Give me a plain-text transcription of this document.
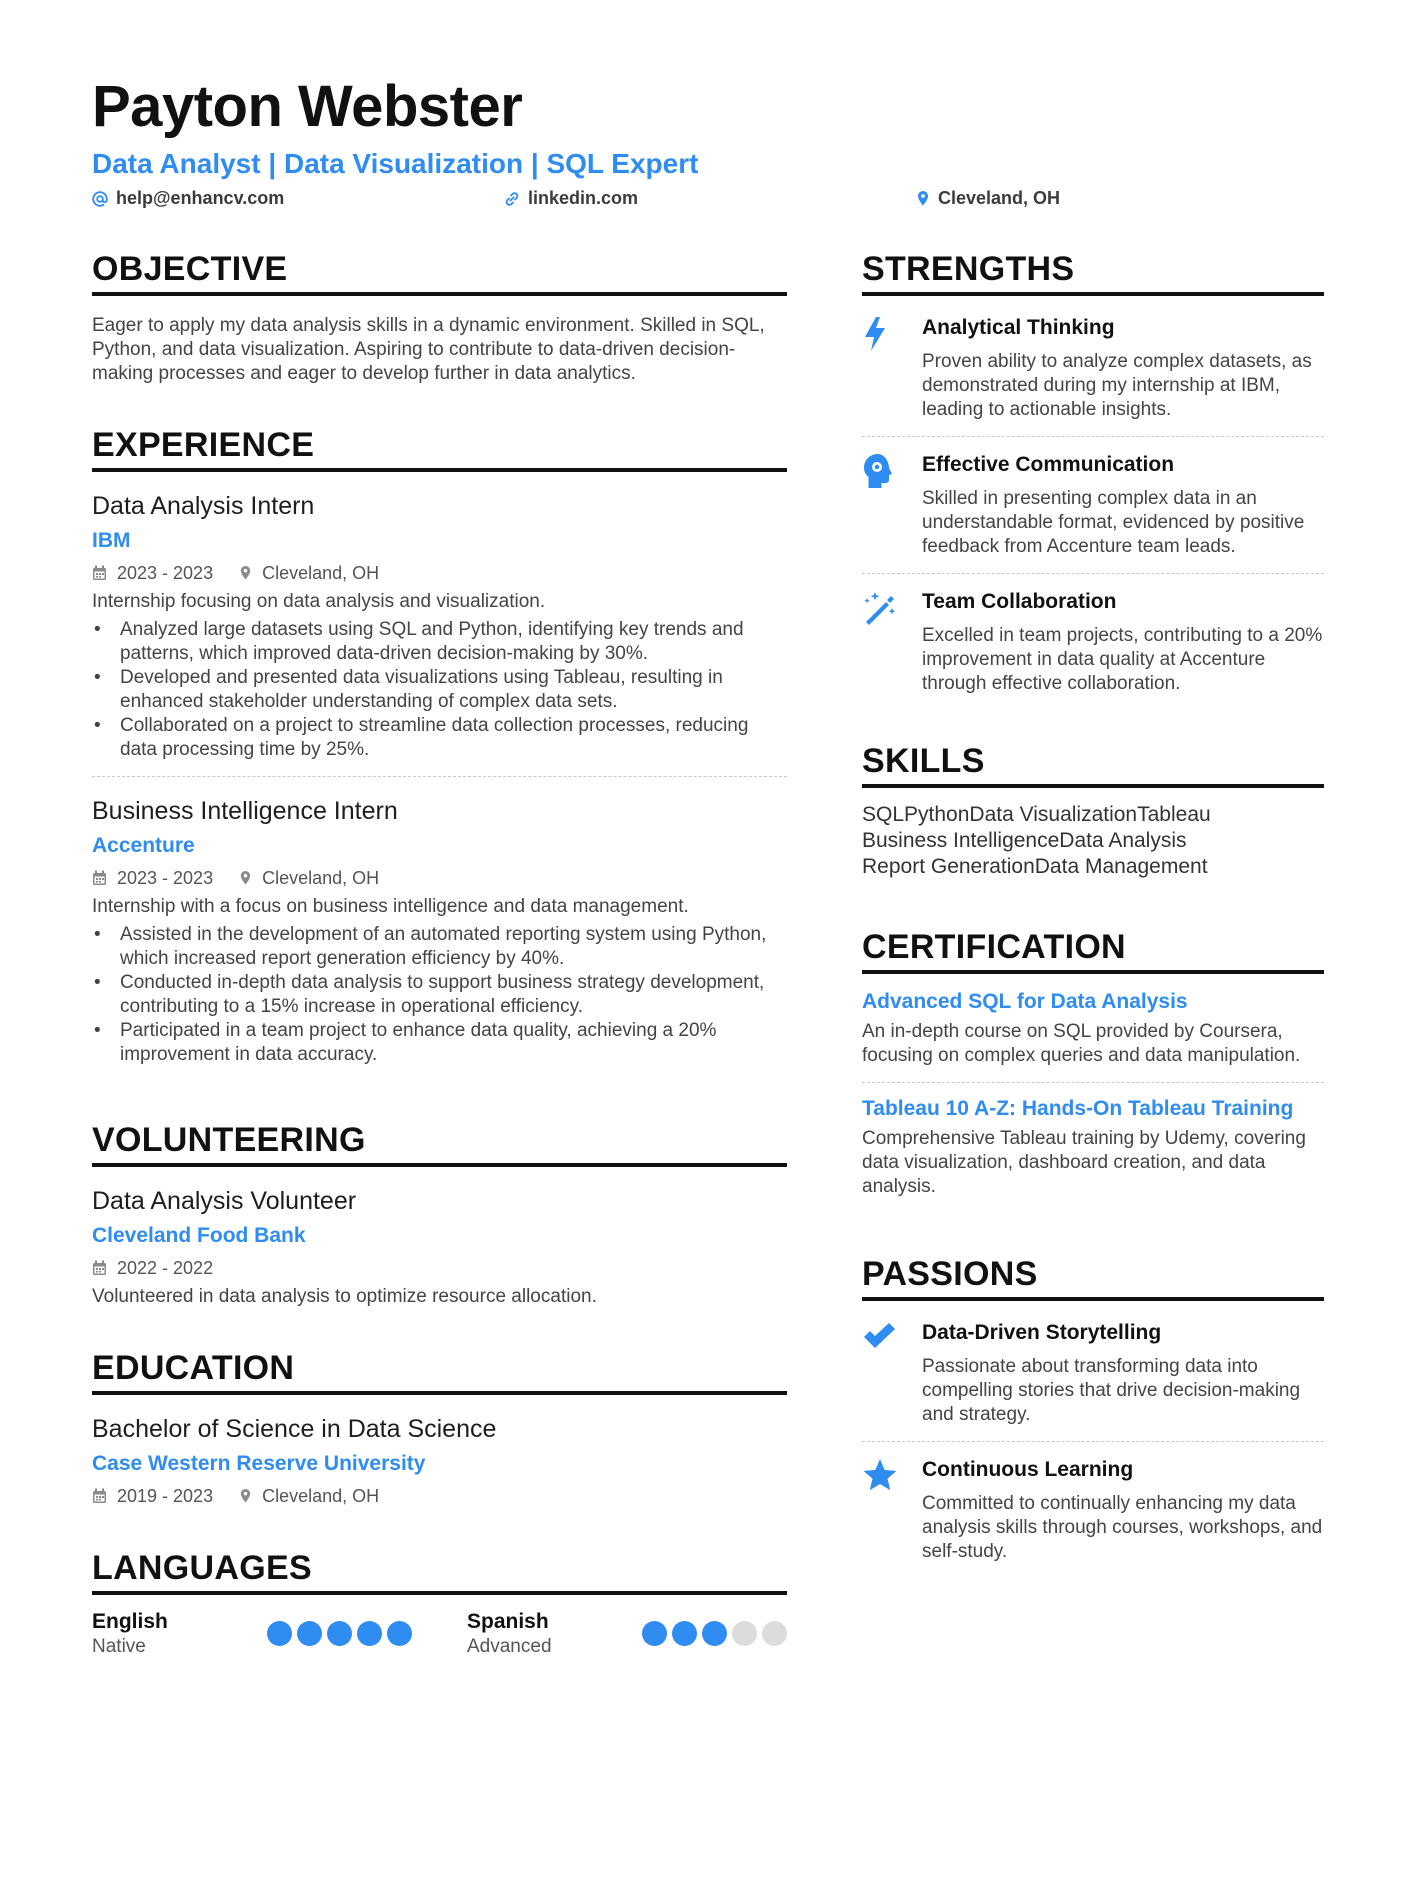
Payton Webster
Data Analyst | Data Visualization | SQL Expert
help@enhancv.com	linkedin.com	Cleveland, OH
OBJECTIVE
Eager to apply my data analysis skills in a dynamic environment. Skilled in SQL, Python, and data visualization. Aspiring to contribute to data-driven decision-making processes and eager to develop further in data analytics.
EXPERIENCE
Data Analysis Intern
IBM
2023 - 2023	Cleveland, OH
Internship focusing on data analysis and visualization.
• Analyzed large datasets using SQL and Python, identifying key trends and patterns, which improved data-driven decision-making by 30%.
• Developed and presented data visualizations using Tableau, resulting in enhanced stakeholder understanding of complex data sets.
• Collaborated on a project to streamline data collection processes, reducing data processing time by 25%.
Business Intelligence Intern
Accenture
2023 - 2023	Cleveland, OH
Internship with a focus on business intelligence and data management.
• Assisted in the development of an automated reporting system using Python, which increased report generation efficiency by 40%.
• Conducted in-depth data analysis to support business strategy development, contributing to a 15% increase in operational efficiency.
• Participated in a team project to enhance data quality, achieving a 20% improvement in data accuracy.
VOLUNTEERING
Data Analysis Volunteer
Cleveland Food Bank
2022 - 2022
Volunteered in data analysis to optimize resource allocation.
EDUCATION
Bachelor of Science in Data Science
Case Western Reserve University
2019 - 2023	Cleveland, OH
LANGUAGES
English
Native
Spanish
Advanced
STRENGTHS
Analytical Thinking
Proven ability to analyze complex datasets, as demonstrated during my internship at IBM, leading to actionable insights.
Effective Communication
Skilled in presenting complex data in an understandable format, evidenced by positive feedback from Accenture team leads.
Team Collaboration
Excelled in team projects, contributing to a 20% improvement in data quality at Accenture through effective collaboration.
SKILLS
SQLPythonData VisualizationTableau
Business IntelligenceData Analysis
Report GenerationData Management
CERTIFICATION
Advanced SQL for Data Analysis
An in-depth course on SQL provided by Coursera, focusing on complex queries and data manipulation.
Tableau 10 A-Z: Hands-On Tableau Training
Comprehensive Tableau training by Udemy, covering data visualization, dashboard creation, and data analysis.
PASSIONS
Data-Driven Storytelling
Passionate about transforming data into compelling stories that drive decision-making and strategy.
Continuous Learning
Committed to continually enhancing my data analysis skills through courses, workshops, and self-study.
